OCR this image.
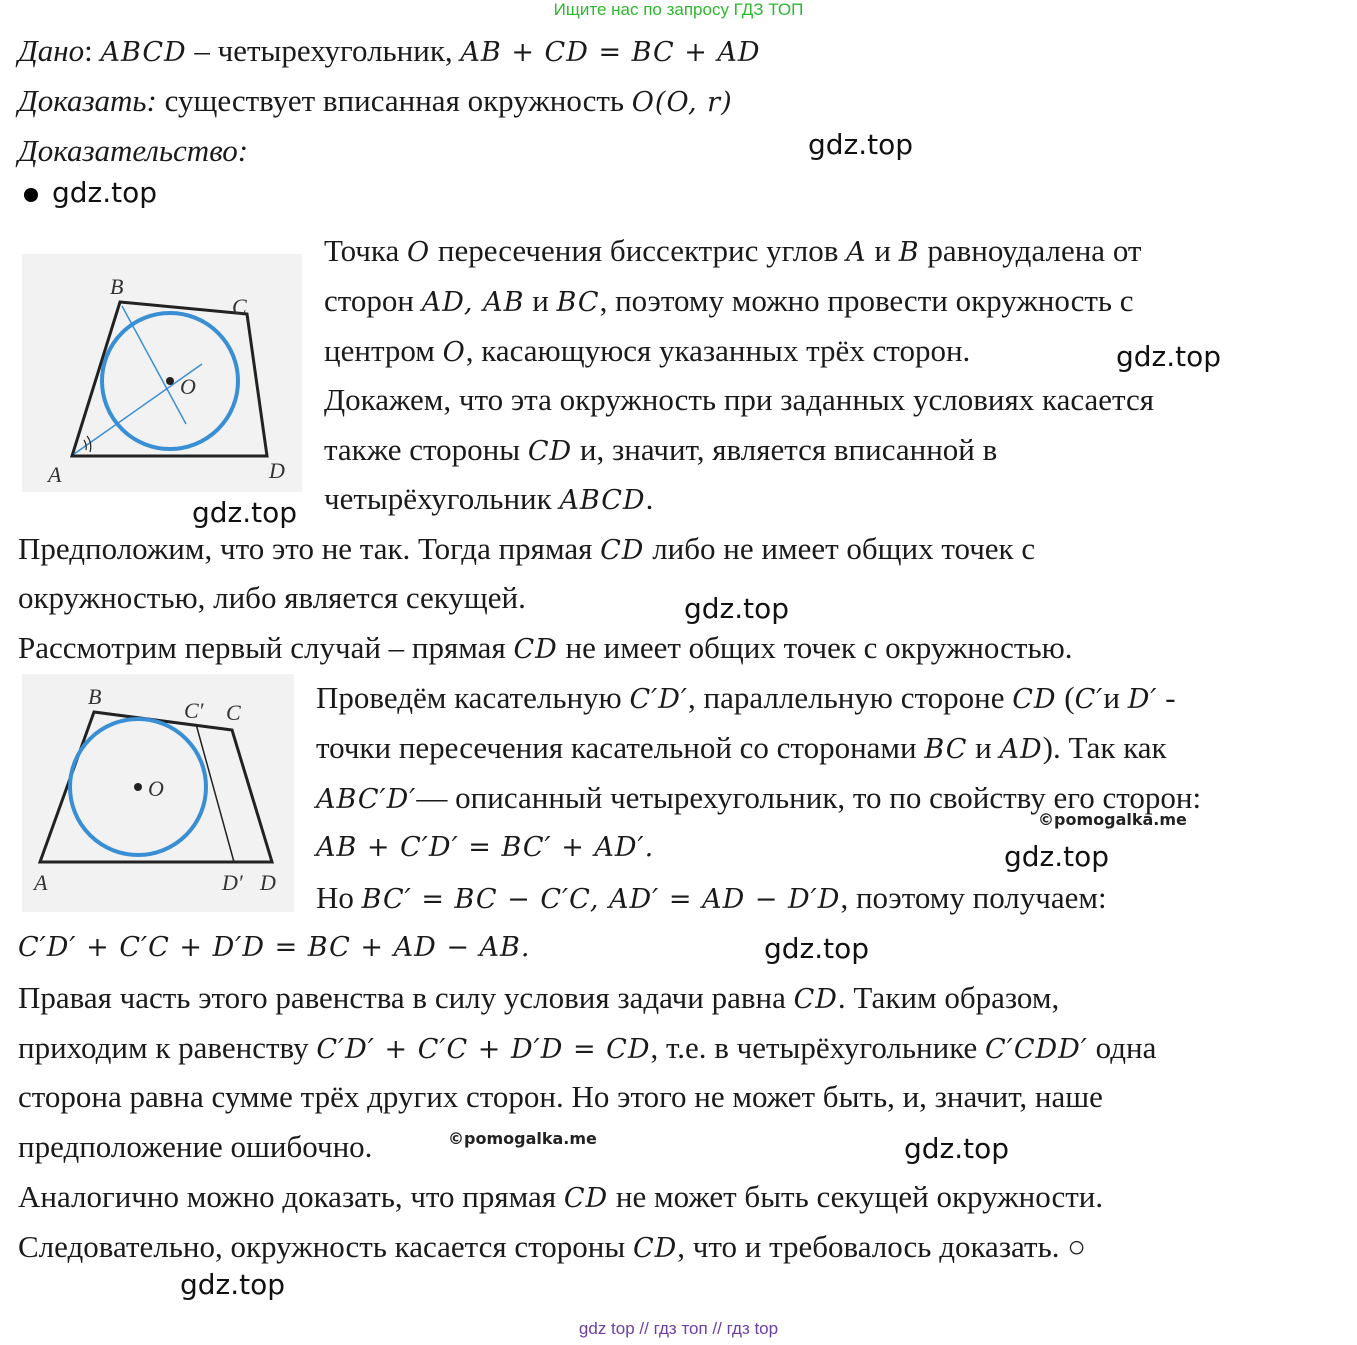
Ищите нас по запросу ГДЗ ТОП
Дано: ABCD – четырехугольник, AB + CD = BC + AD
Доказать: существует вписанная окружность O(O, r)
Доказательство:	gdz.top
gdz.top
B
C
A	D
O
Точка O пересечения биссектрис углов A и B равноудалена от
сторон AD, AB и BC, поэтому можно провести окружность с
центром O, касающуюся указанных трёх сторон.
Докажем, что эта окружность при заданных условиях касается
также стороны CD и, значит, является вписанной в
четырёхугольник ABCD.
gdz.top
gdz.top
Предположим, что это не так. Тогда прямая CD либо не имеет общих точек с
окружностью, либо является секущей.	gdz.top
Рассмотрим первый случай – прямая CD не имеет общих точек с окружностью.
B
C′ C
A	D′ D
O
Проведём касательную C′D′, параллельную стороне CD (C′и D′ -
точки пересечения касательной со сторонами BC и AD). Так как
ABC′D′— описанный четырехугольник, то по свойству его сторон:
©pomogalka.me
AB + C′D′ = BC′ + AD′.	gdz.top
Но BC′ = BC − C′C, AD′ = AD − D′D, поэтому получаем:
C′D′ + C′C + D′D = BC + AD − AB.	gdz.top
Правая часть этого равенства в силу условия задачи равна CD. Таким образом,
приходим к равенству C′D′ + C′C + D′D = CD, т.е. в четырёхугольнике C′CDD′ одна
сторона равна сумме трёх других сторон. Но этого не может быть, и, значит, наше
предположение ошибочно.	©pomogalka.me	gdz.top
Аналогично можно доказать, что прямая CD не может быть секущей окружности.
Следовательно, окружность касается стороны CD, что и требовалось доказать. ○
gdz.top
gdz top // гдз топ // гдз top
